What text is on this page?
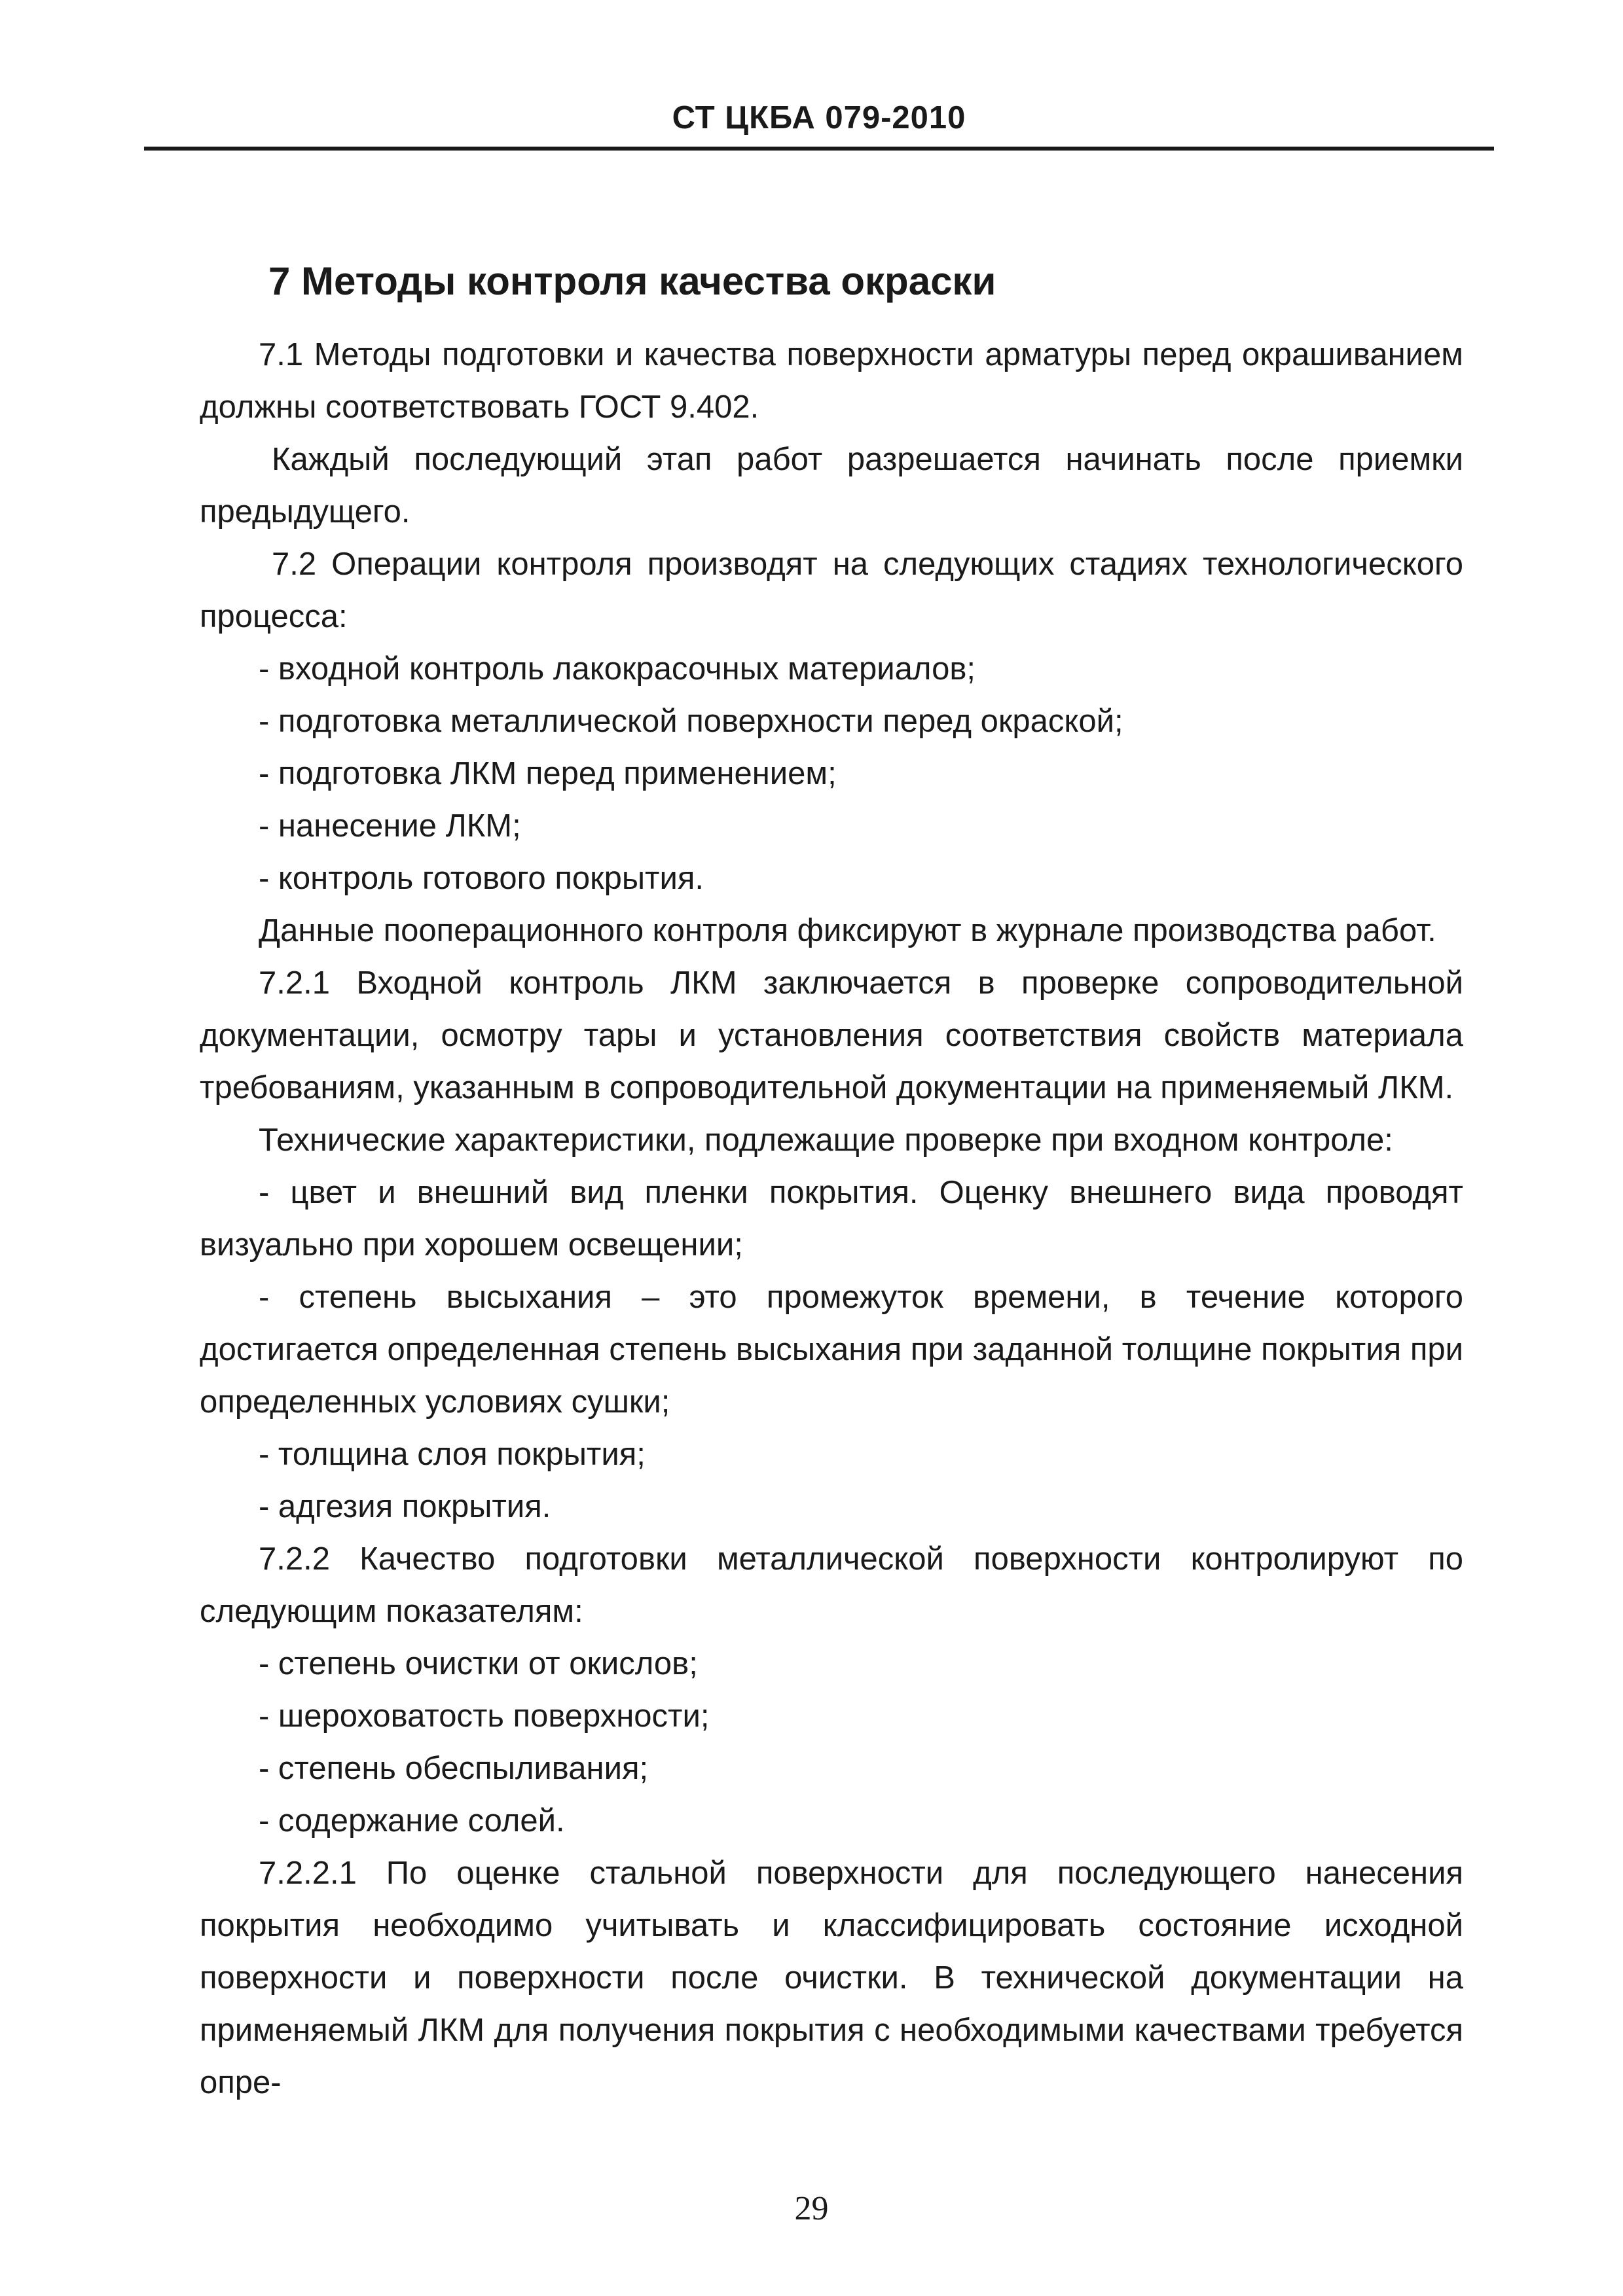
СТ ЦКБА 079-2010
7 Методы контроля качества окраски

7.1 Методы подготовки и качества поверхности арматуры перед окрашиванием должны соответствовать ГОСТ 9.402.

Каждый последующий этап работ разрешается начинать после приемки предыдущего.

7.2 Операции контроля производят на следующих стадиях технологического процесса:

- входной контроль лакокрасочных материалов;

- подготовка металлической поверхности перед окраской;

- подготовка ЛКМ перед применением;

- нанесение ЛКМ;

- контроль готового покрытия.

Данные пооперационного контроля фиксируют в журнале производства работ.

7.2.1 Входной контроль ЛКМ заключается в проверке сопроводительной документации, осмотру тары и установления соответствия свойств материала требованиям, указанным в сопроводительной документации на применяемый ЛКМ.

Технические характеристики, подлежащие проверке при входном контроле:

- цвет и внешний вид пленки покрытия. Оценку внешнего вида проводят визуально при хорошем освещении;

- степень высыхания – это промежуток времени, в течение которого достигается определенная степень высыхания при заданной толщине покрытия при определенных условиях сушки;

- толщина слоя покрытия;

- адгезия покрытия.

7.2.2 Качество подготовки металлической поверхности контролируют по следующим показателям:

- степень очистки от окислов;

- шероховатость поверхности;

- степень обеспыливания;

- содержание солей.

7.2.2.1 По оценке стальной поверхности для последующего нанесения покрытия необходимо учитывать и классифицировать состояние исходной поверхности и поверхности после очистки. В технической документации на применяемый ЛКМ для получения покрытия с необходимыми качествами требуется опре-

29
